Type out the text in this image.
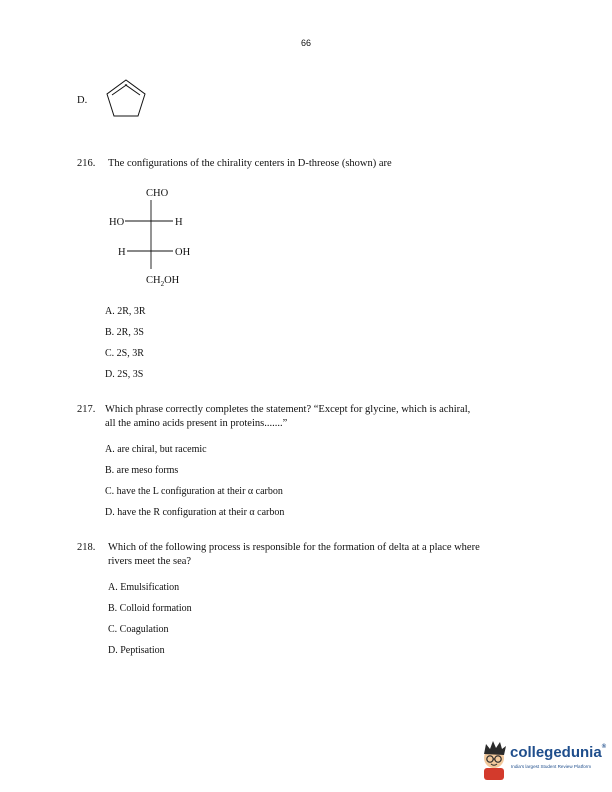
66
D.
216. The configurations of the chirality centers in D-threose (shown) are
CHO
HO	H
H	OH
$CH_2OH$
A. 2R, 3R
B. 2R, 3S
C. 2S, 3R
D. 2S, 3S
217. Which phrase correctly completes the statement? “Except for glycine, which is achiral,
all the amino acids present in proteins.......”
A. are chiral, but racemic
B. are meso forms
C. have the L configuration at their α carbon
D. have the R configuration at their α carbon
218. Which of the following process is responsible for the formation of delta at a place where
rivers meet the sea?
A. Emulsification
B. Colloid formation
C. Coagulation
D. Peptisation
collegedunia®
India's largest Student Review Platform
